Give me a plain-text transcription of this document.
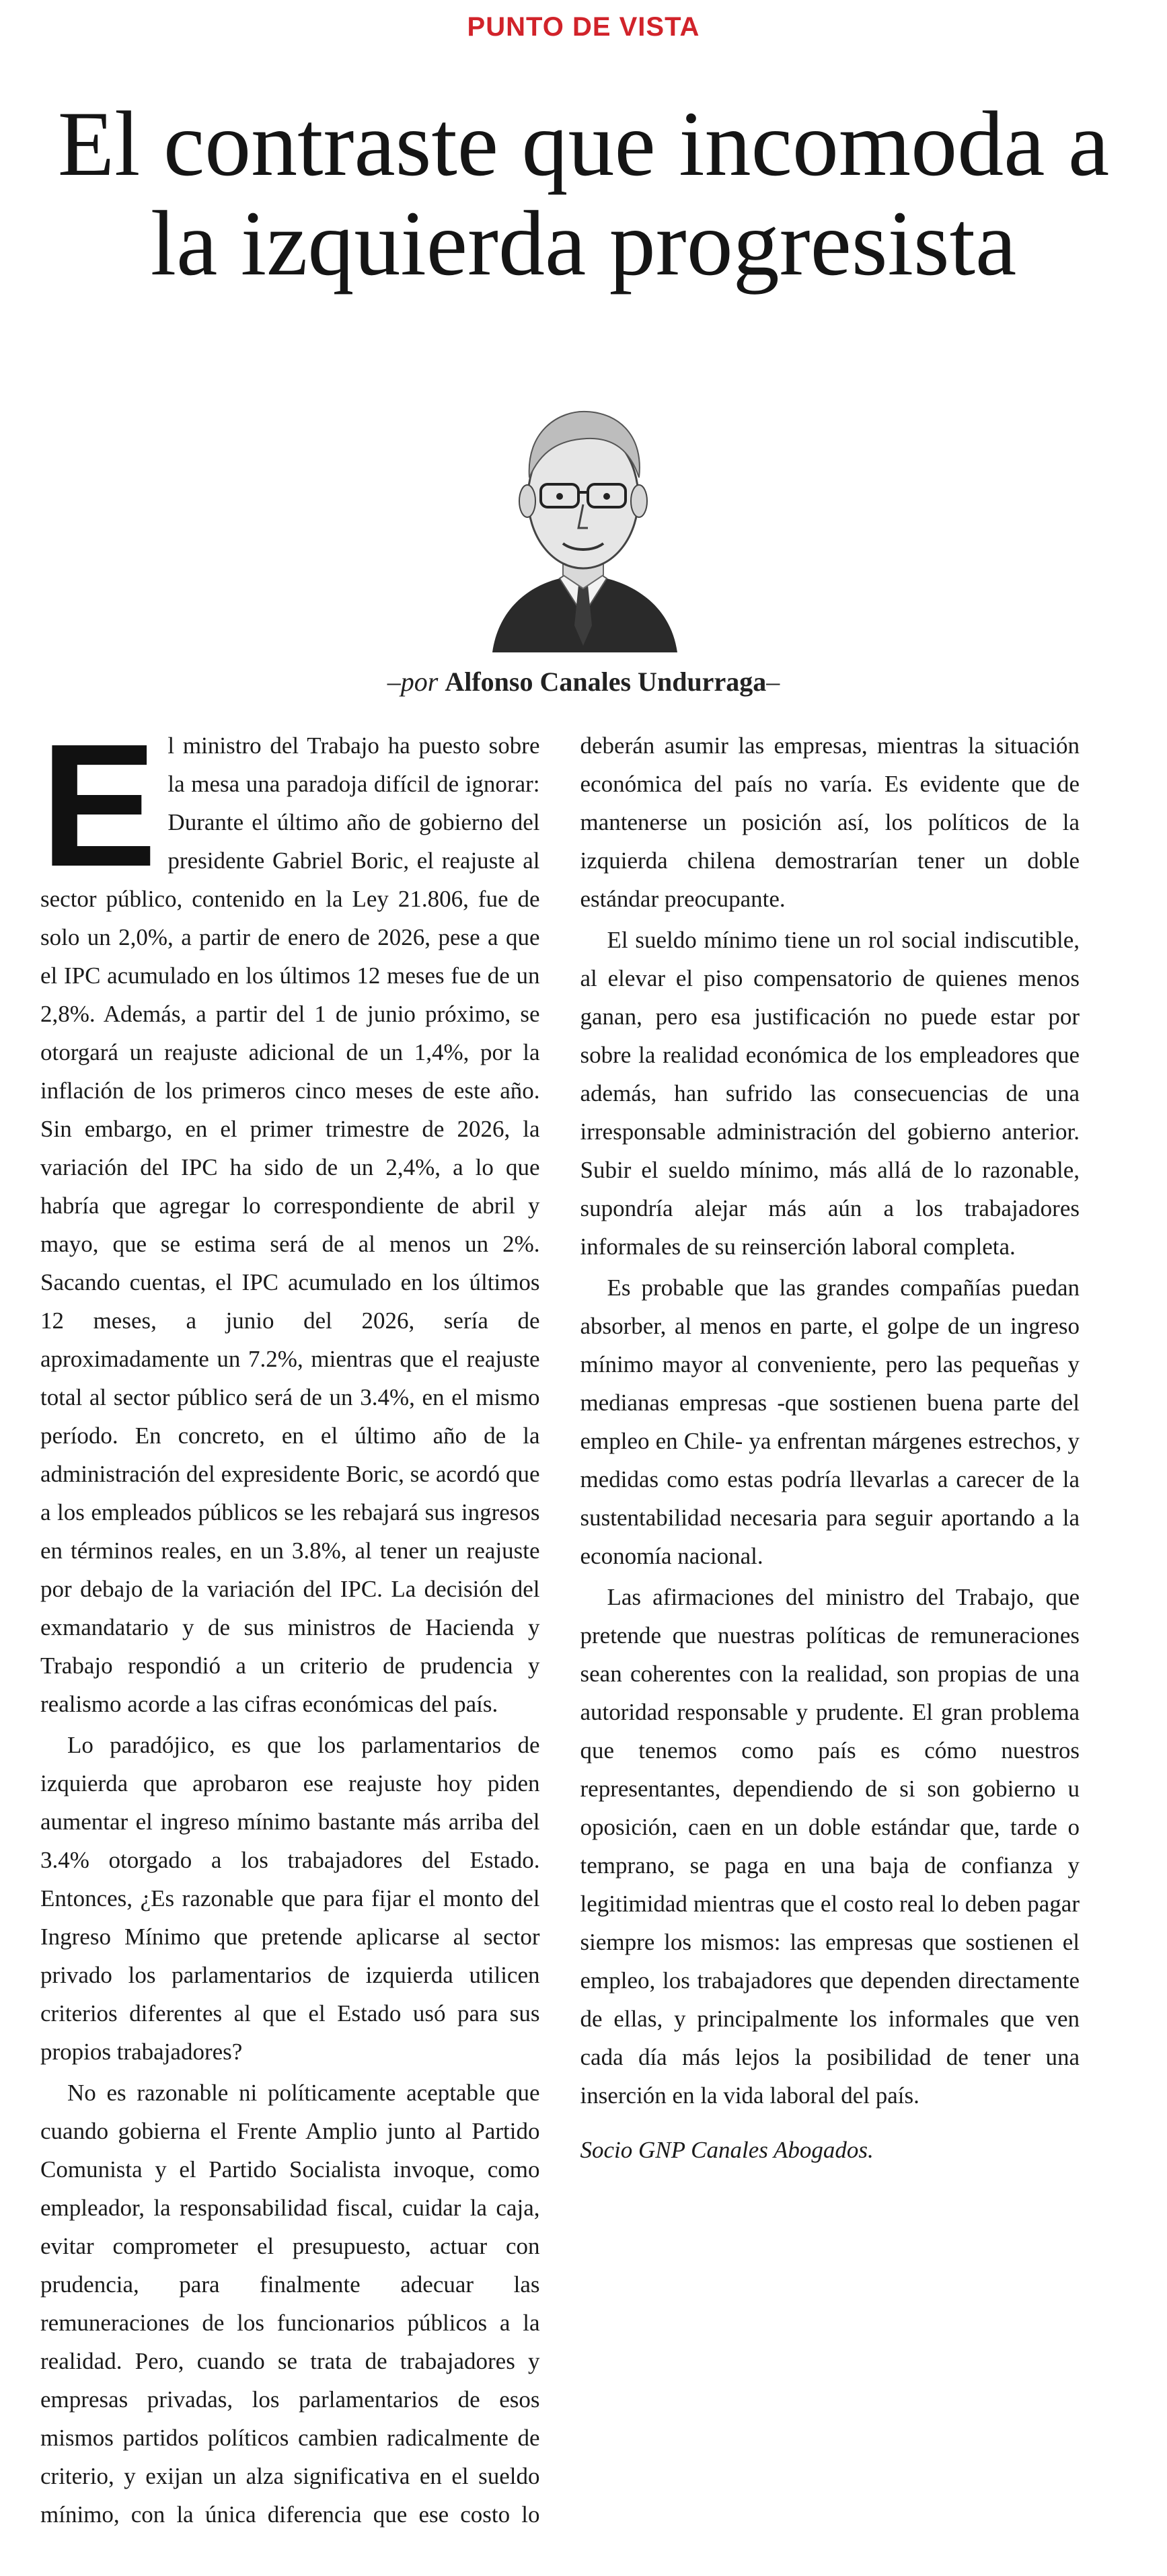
PUNTO DE VISTA
El contraste que incomoda a la izquierda progresista
–por Alfonso Canales Undurraga–

El ministro del Trabajo ha puesto sobre la mesa una paradoja difícil de ignorar: Durante el último año de gobierno del presidente Gabriel Boric, el reajuste al sector público, contenido en la Ley 21.806, fue de solo un 2,0%, a partir de enero de 2026, pese a que el IPC acumulado en los últimos 12 meses fue de un 2,8%. Además, a partir del 1 de junio próximo, se otorgará un reajuste adicional de un 1,4%, por la inflación de los primeros cinco meses de este año. Sin embargo, en el primer trimestre de 2026, la variación del IPC ha sido de un 2,4%, a lo que habría que agregar lo correspondiente de abril y mayo, que se estima será de al menos un 2%. Sacando cuentas, el IPC acumulado en los últimos 12 meses, a junio del 2026, sería de aproximadamente un 7.2%, mientras que el reajuste total al sector público será de un 3.4%, en el mismo período. En concreto, en el último año de la administración del expresidente Boric, se acordó que a los empleados públicos se les rebajará sus ingresos en términos reales, en un 3.8%, al tener un reajuste por debajo de la variación del IPC. La decisión del exmandatario y de sus ministros de Hacienda y Trabajo respondió a un criterio de prudencia y realismo acorde a las cifras económicas del país.

Lo paradójico, es que los parlamentarios de izquierda que aprobaron ese reajuste hoy piden aumentar el ingreso mínimo bastante más arriba del 3.4% otorgado a los trabajadores del Estado. Entonces, ¿Es razonable que para fijar el monto del Ingreso Mínimo que pretende aplicarse al sector privado los parlamentarios de izquierda utilicen criterios diferentes al que el Estado usó para sus propios trabajadores?

No es razonable ni políticamente aceptable que cuando gobierna el Frente Amplio junto al Partido Comunista y el Partido Socialista invoque, como empleador, la responsabilidad fiscal, cuidar la caja, evitar comprometer el presupuesto, actuar con prudencia, para finalmente adecuar las remuneraciones de los funcionarios públicos a la realidad. Pero, cuando se trata de trabajadores y empresas privadas, los parlamentarios de esos mismos partidos políticos cambien radicalmente de criterio, y exijan un alza significativa en el sueldo mínimo, con la única diferencia que ese costo lo deberán asumir las empresas, mientras la situación económica del país no varía. Es evidente que de mantenerse un posición así, los políticos de la izquierda chilena demostrarían tener un doble estándar preocupante.

El sueldo mínimo tiene un rol social indiscutible, al elevar el piso compensatorio de quienes menos ganan, pero esa justificación no puede estar por sobre la realidad económica de los empleadores que además, han sufrido las consecuencias de una irresponsable administración del gobierno anterior. Subir el sueldo mínimo, más allá de lo razonable, supondría alejar más aún a los trabajadores informales de su reinserción laboral completa.

Es probable que las grandes compañías puedan absorber, al menos en parte, el golpe de un ingreso mínimo mayor al conveniente, pero las pequeñas y medianas empresas -que sostienen buena parte del empleo en Chile- ya enfrentan márgenes estrechos, y medidas como estas podría llevarlas a carecer de la sustentabilidad necesaria para seguir aportando a la economía nacional.

Las afirmaciones del ministro del Trabajo, que pretende que nuestras políticas de remuneraciones sean coherentes con la realidad, son propias de una autoridad responsable y prudente. El gran problema que tenemos como país es cómo nuestros representantes, dependiendo de si son gobierno u oposición, caen en un doble estándar que, tarde o temprano, se paga en una baja de confianza y legitimidad mientras que el costo real lo deben pagar siempre los mismos: las empresas que sostienen el empleo, los trabajadores que dependen directamente de ellas, y principalmente los informales que ven cada día más lejos la posibilidad de tener una inserción en la vida laboral del país.

Socio GNP Canales Abogados.
